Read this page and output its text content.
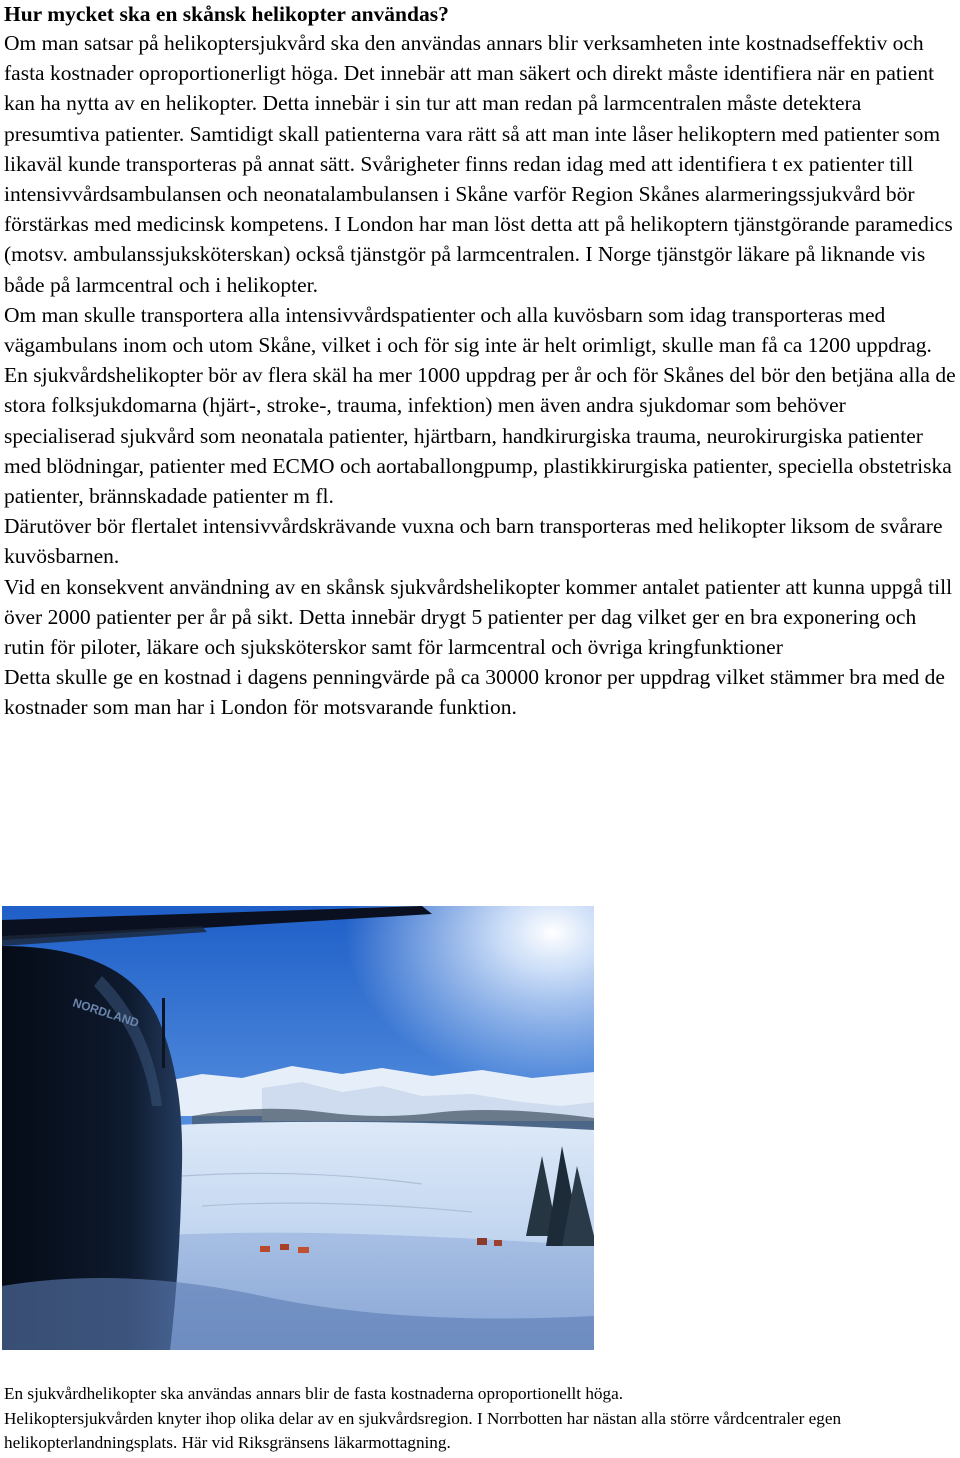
Hur mycket ska en skånsk helikopter användas?

Om man satsar på helikoptersjukvård ska den användas annars blir verksamheten inte kostnadseffektiv och fasta kostnader oproportionerligt höga. Det innebär att man säkert och direkt måste identifiera när en patient kan ha nytta av en helikopter. Detta innebär i sin tur att man redan på larmcentralen måste detektera presumtiva patienter. Samtidigt skall patienterna vara rätt så att man inte låser helikoptern med patienter som likaväl kunde transporteras på annat sätt. Svårigheter finns redan idag med att identifiera t ex patienter till intensivvårdsambulansen och neonatalambulansen i Skåne varför Region Skånes alarmeringssjukvård bör förstärkas med medicinsk kompetens. I London har man löst detta att på helikoptern tjänstgörande paramedics (motsv. ambulanssjuksköterskan) också tjänstgör på larmcentralen. I Norge tjänstgör läkare på liknande vis både på larmcentral och i helikopter.

Om man skulle transportera alla intensivvårdspatienter och alla kuvösbarn som idag transporteras med vägambulans inom och utom Skåne, vilket i och för sig inte är helt orimligt, skulle man få ca 1200 uppdrag.

En sjukvårdshelikopter bör av flera skäl ha mer 1000 uppdrag per år och för Skånes del bör den betjäna alla de stora folksjukdomarna (hjärt-, stroke-, trauma, infektion) men även andra sjukdomar som behöver specialiserad sjukvård som neonatala patienter, hjärtbarn, handkirurgiska trauma, neurokirurgiska patienter med blödningar, patienter med ECMO och aortaballongpump, plastikkirurgiska patienter, speciella obstetriska patienter, brännskadade patienter m fl.

Därutöver bör flertalet intensivvårdskrävande vuxna och barn transporteras med helikopter liksom de svårare kuvösbarnen.

Vid en konsekvent användning av en skånsk sjukvårdshelikopter kommer antalet patienter att kunna uppgå till över 2000 patienter per år på sikt. Detta innebär drygt 5 patienter per dag vilket ger en bra exponering och rutin för piloter, läkare och sjuksköterskor samt för larmcentral och övriga kringfunktioner

Detta skulle ge en kostnad i dagens penningvärde på ca 30000 kronor per uppdrag vilket stämmer bra med de kostnader som man har i London för motsvarande funktion.

NORDLAND
En sjukvårdhelikopter ska användas annars blir de fasta kostnaderna oproportionellt höga.
Helikoptersjukvården knyter ihop olika delar av en sjukvårdsregion. I Norrbotten har nästan alla större vårdcentraler egen helikopterlandningsplats. Här vid Riksgränsens läkarmottagning.
